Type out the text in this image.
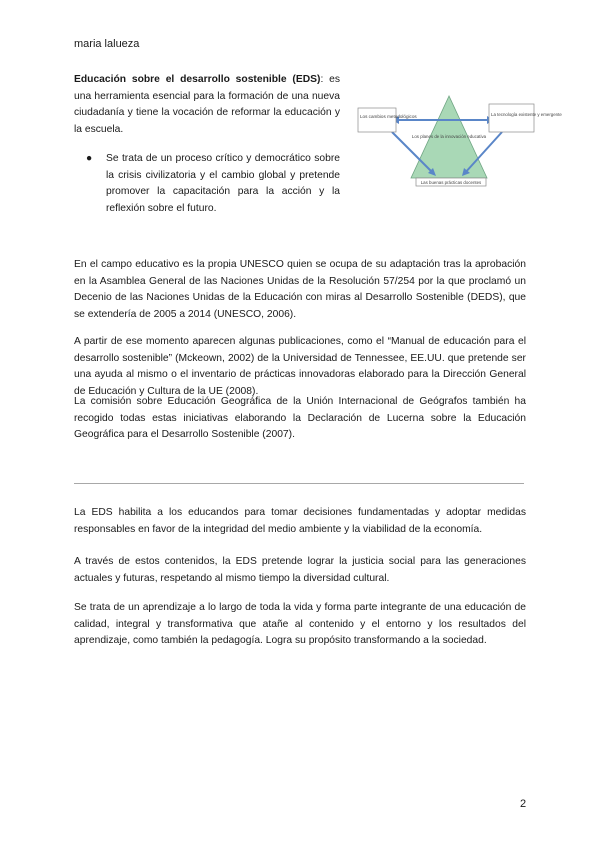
maria lalueza
Educación sobre el desarrollo sostenible (EDS): es una herramienta esencial para la formación de una nueva ciudadanía y tiene la vocación de reformar la educación y la escuela.
●	Se trata de un proceso crítico y democrático sobre la crisis civilizatoria y el cambio global y pretende promover la capacitación para la acción y la reflexión sobre el futuro.
Los cambios metodológicos	La tecnología existente y emergente
Los planes de la innovación educativa
Las buenas prácticas docentes
En el campo educativo es la propia UNESCO quien se ocupa de su adaptación tras la aprobación en la Asamblea General de las Naciones Unidas de la Resolución 57/254 por la que proclamó un Decenio de las Naciones Unidas de la Educación con miras al Desarrollo Sostenible (DEDS), que se extendería de 2005 a 2014 (UNESCO, 2006).
A partir de ese momento aparecen algunas publicaciones, como el “Manual de educación para el desarrollo sostenible” (Mckeown, 2002) de la Universidad de Tennessee, EE.UU. que pretende ser una ayuda al mismo o el inventario de prácticas innovadoras elaborado para la Dirección General de Educación y Cultura de la UE (2008).
La comisión sobre Educación Geográfica de la Unión Internacional de Geógrafos también ha recogido todas estas iniciativas elaborando la Declaración de Lucerna sobre la Educación Geográfica para el Desarrollo Sostenible (2007).
La EDS habilita a los educandos para tomar decisiones fundamentadas y adoptar medidas responsables en favor de la integridad del medio ambiente y la viabilidad de la economía.
A través de estos contenidos, la EDS pretende lograr la justicia social para las generaciones actuales y futuras, respetando al mismo tiempo la diversidad cultural.
Se trata de un aprendizaje a lo largo de toda la vida y forma parte integrante de una educación de calidad, integral y transformativa que atañe al contenido y el entorno y los resultados del aprendizaje, como también la pedagogía. Logra su propósito transformando a la sociedad.
2
